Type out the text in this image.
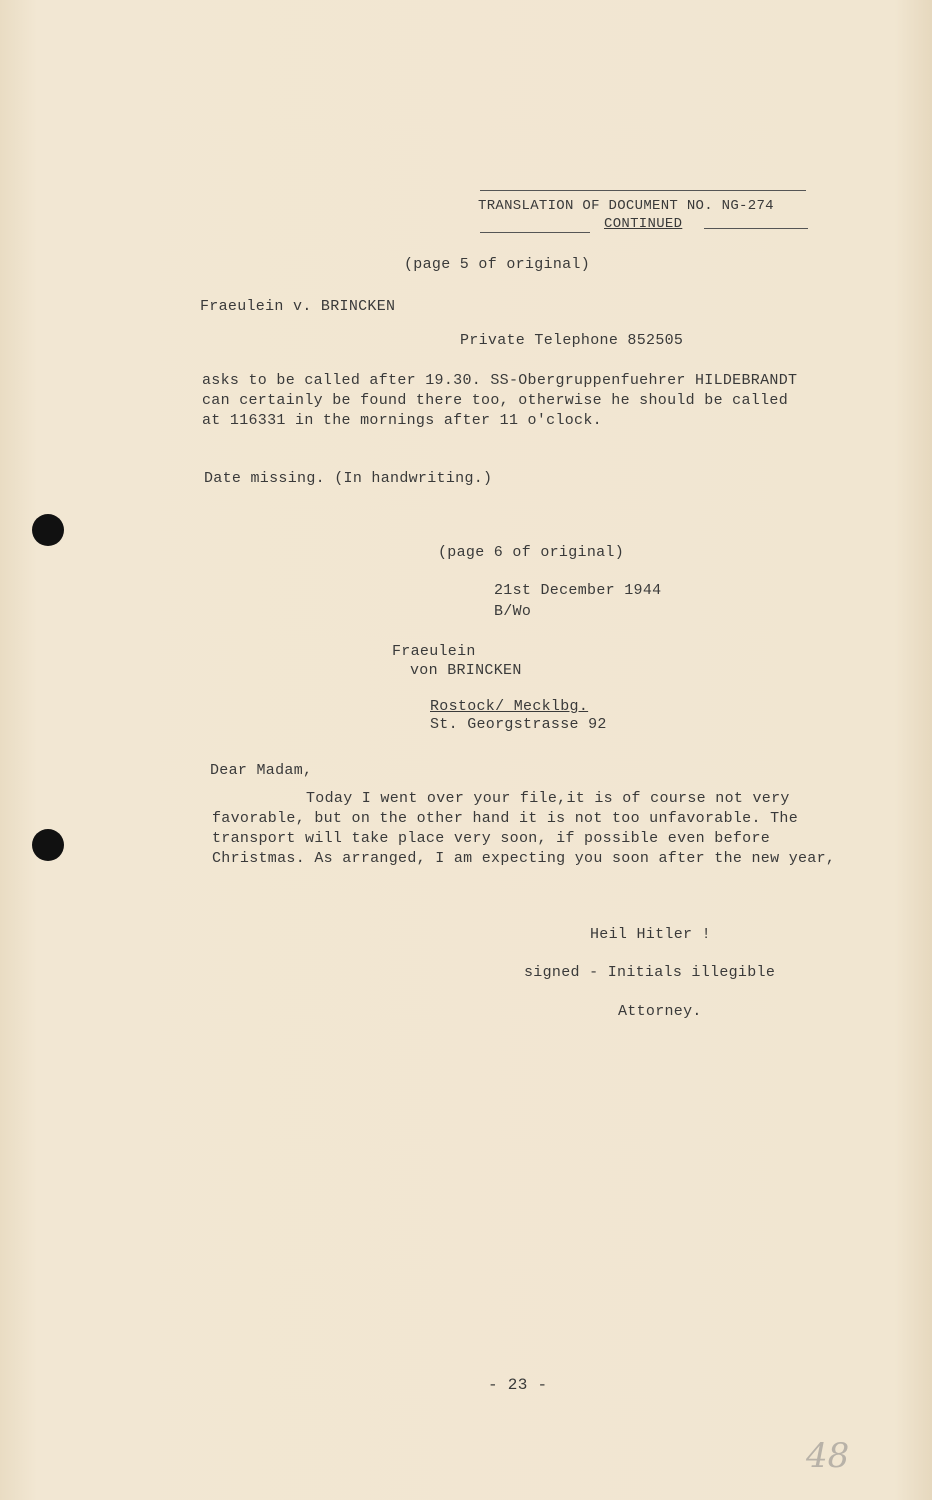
TRANSLATION OF DOCUMENT NO. NG-274
CONTINUED
(page 5 of original)
Fraeulein v. BRINCKEN
Private Telephone 852505
asks to be called after 19.30. SS-Obergruppenfuehrer HILDEBRANDT
can certainly be found there too, otherwise he should be called
at 116331 in the mornings after 11 o'clock.
Date missing. (In handwriting.)
(page 6 of original)
21st December 1944
B/Wo
Fraeulein
von BRINCKEN
Rostock/ Mecklbg.
St. Georgstrasse 92
Dear Madam,
Today I went over your file,it is of course not very
favorable, but on the other hand it is not too unfavorable. The
transport will take place very soon, if possible even before
Christmas. As arranged, I am expecting you soon after the new year,
Heil Hitler !
signed - Initials illegible
Attorney.
- 23 -
48
